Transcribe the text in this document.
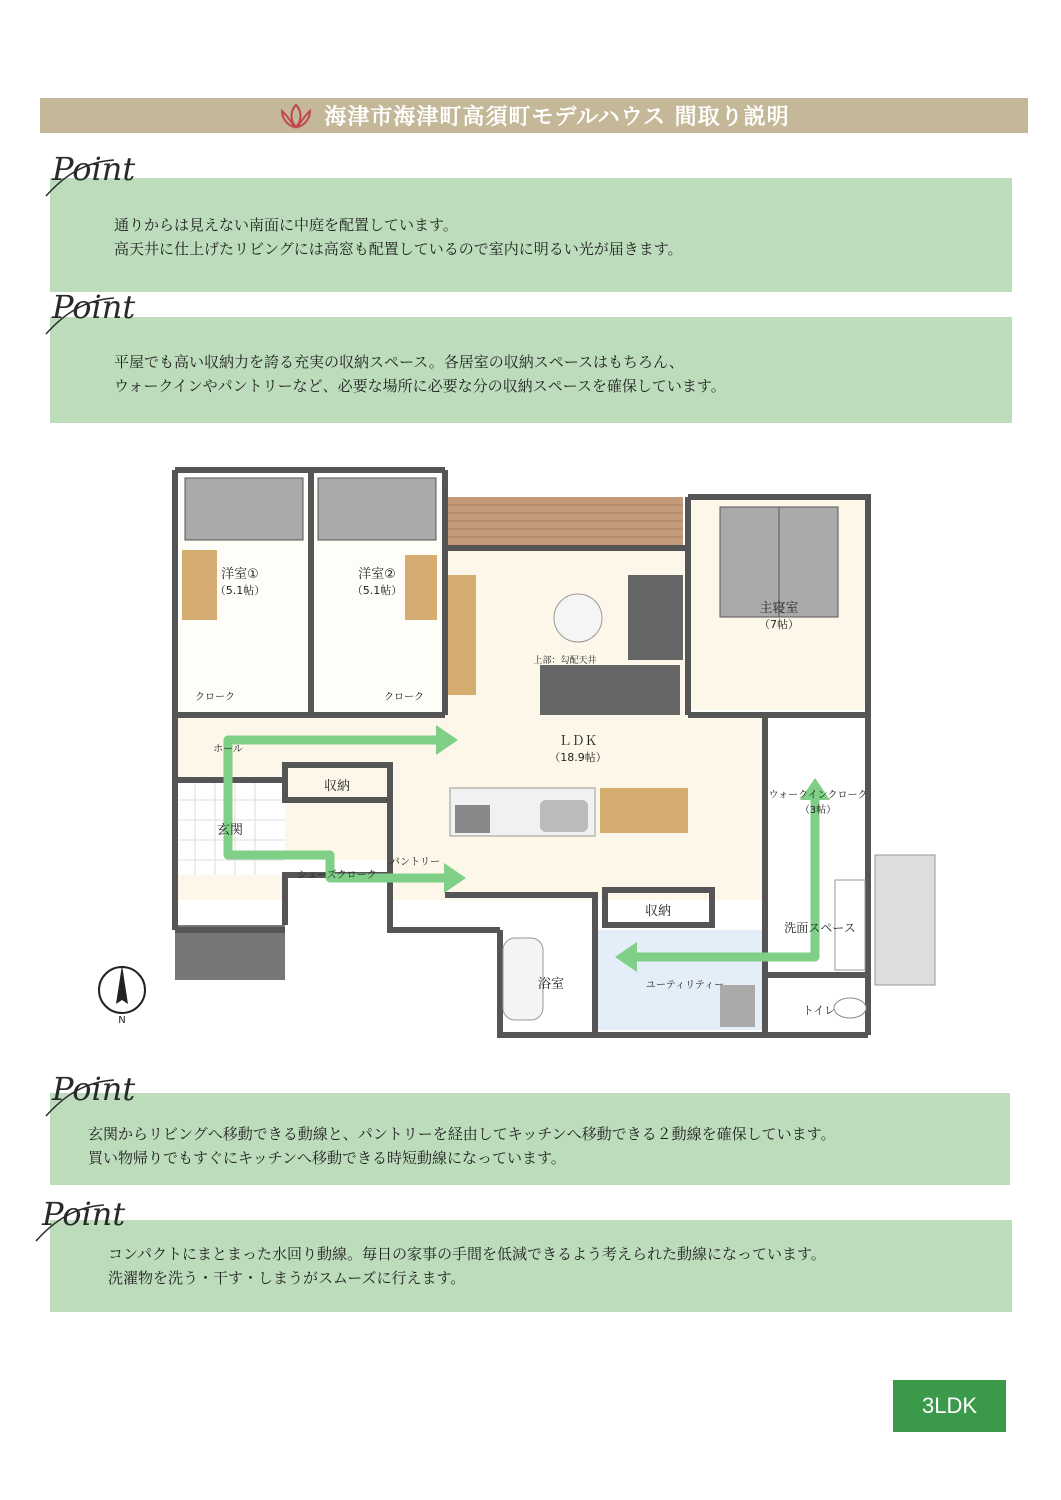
海津市海津町高須町モデルハウス 間取り説明

通りからは見えない南面に中庭を配置しています。

高天井に仕上げたリビングには高窓も配置しているので室内に明るい光が届きます。

Point

平屋でも高い収納力を誇る充実の収納スペース。各居室の収納スペースはもちろん、

ウォークインやパントリーなど、必要な場所に必要な分の収納スペースを確保しています。

Point
洋室①
（5.1帖）
洋室②
（5.1帖）
主寝室
（7帖）
ＬＤＫ
（18.9帖）
上部：勾配天井
クローク	クローク
ホール
収納
玄関
シューズクローク
パントリー
収納
ウォークインクローク
（3帖）
洗面スペース
ユーティリティー
浴室
トイレ
N

玄関からリビングへ移動できる動線と、パントリーを経由してキッチンへ移動できる２動線を確保しています。

買い物帰りでもすぐにキッチンへ移動できる時短動線になっています。

Point

コンパクトにまとまった水回り動線。毎日の家事の手間を低減できるよう考えられた動線になっています。

洗濯物を洗う・干す・しまうがスムーズに行えます。

Point
3LDK
